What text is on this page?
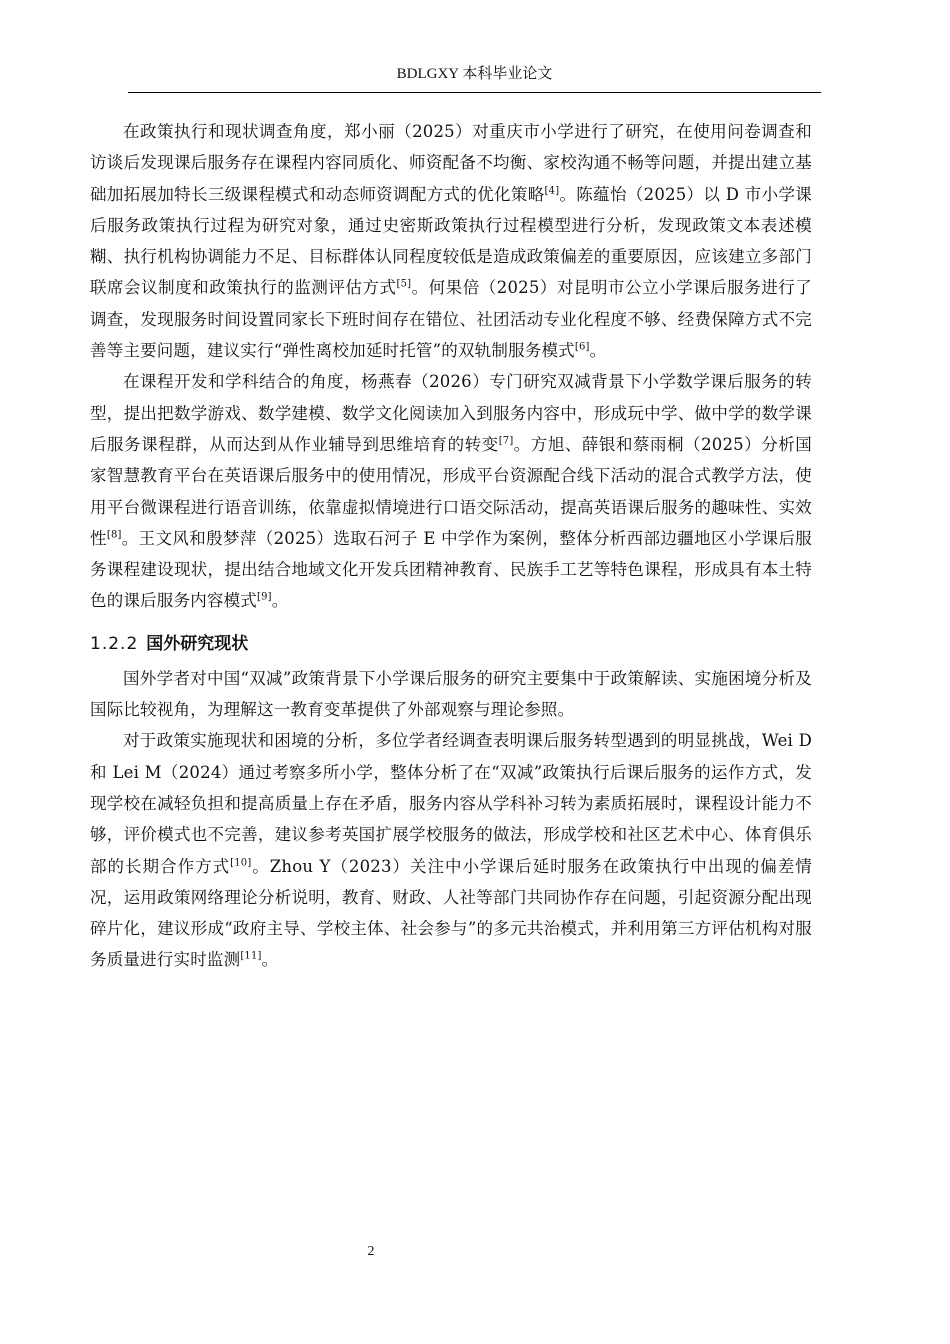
BDLGXY 本科毕业论文

在政策执行和现状调查角度，郑小丽（2025）对重庆市小学进行了研究，在使用问卷调查和访谈后发现课后服务存在课程内容同质化、师资配备不均衡、家校沟通不畅等问题，并提出建立基础加拓展加特长三级课程模式和动态师资调配方式的优化策略[4]。陈蕴怡（2025）以 D 市小学课后服务政策执行过程为研究对象，通过史密斯政策执行过程模型进行分析，发现政策文本表述模糊、执行机构协调能力不足、目标群体认同程度较低是造成政策偏差的重要原因，应该建立多部门联席会议制度和政策执行的监测评估方式[5]。何果倍（2025）对昆明市公立小学课后服务进行了调查，发现服务时间设置同家长下班时间存在错位、社团活动专业化程度不够、经费保障方式不完善等主要问题，建议实行“弹性离校加延时托管”的双轨制服务模式[6]。

在课程开发和学科结合的角度，杨燕春（2026）专门研究双减背景下小学数学课后服务的转型，提出把数学游戏、数学建模、数学文化阅读加入到服务内容中，形成玩中学、做中学的数学课后服务课程群，从而达到从作业辅导到思维培育的转变[7]。方旭、薛银和蔡雨桐（2025）分析国家智慧教育平台在英语课后服务中的使用情况，形成平台资源配合线下活动的混合式教学方法，使用平台微课程进行语音训练，依靠虚拟情境进行口语交际活动，提高英语课后服务的趣味性、实效性[8]。王文风和殷梦萍（2025）选取石河子 E 中学作为案例，整体分析西部边疆地区小学课后服务课程建设现状，提出结合地域文化开发兵团精神教育、民族手工艺等特色课程，形成具有本土特色的课后服务内容模式[9]。

1.2.2 国外研究现状

国外学者对中国“双减”政策背景下小学课后服务的研究主要集中于政策解读、实施困境分析及国际比较视角，为理解这一教育变革提供了外部观察与理论参照。

对于政策实施现状和困境的分析，多位学者经调查表明课后服务转型遇到的明显挑战，Wei D 和 Lei M（2024）通过考察多所小学，整体分析了在“双减”政策执行后课后服务的运作方式，发现学校在减轻负担和提高质量上存在矛盾，服务内容从学科补习转为素质拓展时，课程设计能力不够，评价模式也不完善，建议参考英国扩展学校服务的做法，形成学校和社区艺术中心、体育俱乐部的长期合作方式[10]。Zhou Y（2023）关注中小学课后延时服务在政策执行中出现的偏差情况，运用政策网络理论分析说明，教育、财政、人社等部门共同协作存在问题，引起资源分配出现碎片化，建议形成“政府主导、学校主体、社会参与”的多元共治模式，并利用第三方评估机构对服务质量进行实时监测[11]。

2
